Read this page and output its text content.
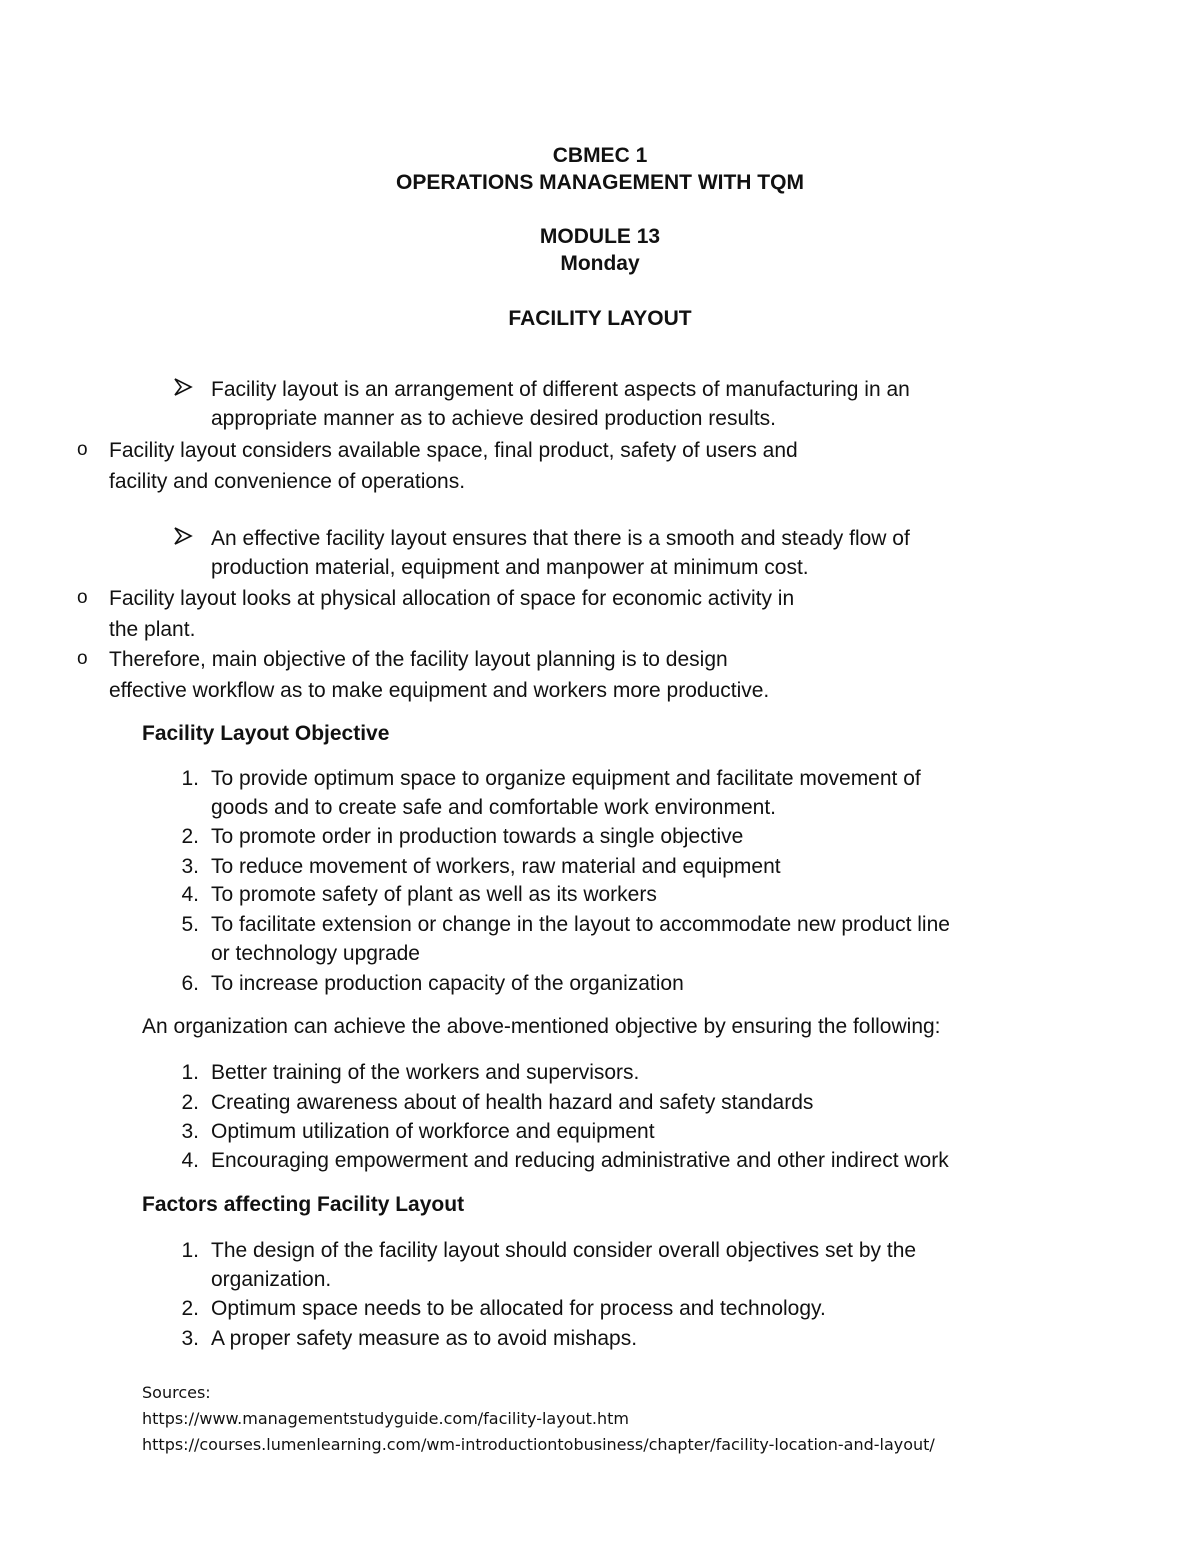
CBMEC 1
OPERATIONS MANAGEMENT WITH TQM
MODULE 13
Monday
FACILITY LAYOUT
Facility layout is an arrangement of different aspects of manufacturing in an
appropriate manner as to achieve desired production results.
o Facility layout considers available space, final product, safety of users and
facility and convenience of operations.
An effective facility layout ensures that there is a smooth and steady flow of
production material, equipment and manpower at minimum cost.
o Facility layout looks at physical allocation of space for economic activity in
the plant.
o Therefore, main objective of the facility layout planning is to design
effective workflow as to make equipment and workers more productive.
Facility Layout Objective
1. To provide optimum space to organize equipment and facilitate movement of
goods and to create safe and comfortable work environment.
2. To promote order in production towards a single objective
3. To reduce movement of workers, raw material and equipment
4. To promote safety of plant as well as its workers
5. To facilitate extension or change in the layout to accommodate new product line
or technology upgrade
6. To increase production capacity of the organization
An organization can achieve the above-mentioned objective by ensuring the following:
1. Better training of the workers and supervisors.
2. Creating awareness about of health hazard and safety standards
3. Optimum utilization of workforce and equipment
4. Encouraging empowerment and reducing administrative and other indirect work
Factors affecting Facility Layout
1. The design of the facility layout should consider overall objectives set by the
organization.
2. Optimum space needs to be allocated for process and technology.
3. A proper safety measure as to avoid mishaps.
Sources:
https://www.managementstudyguide.com/facility-layout.htm
https://courses.lumenlearning.com/wm-introductiontobusiness/chapter/facility-location-and-layout/
